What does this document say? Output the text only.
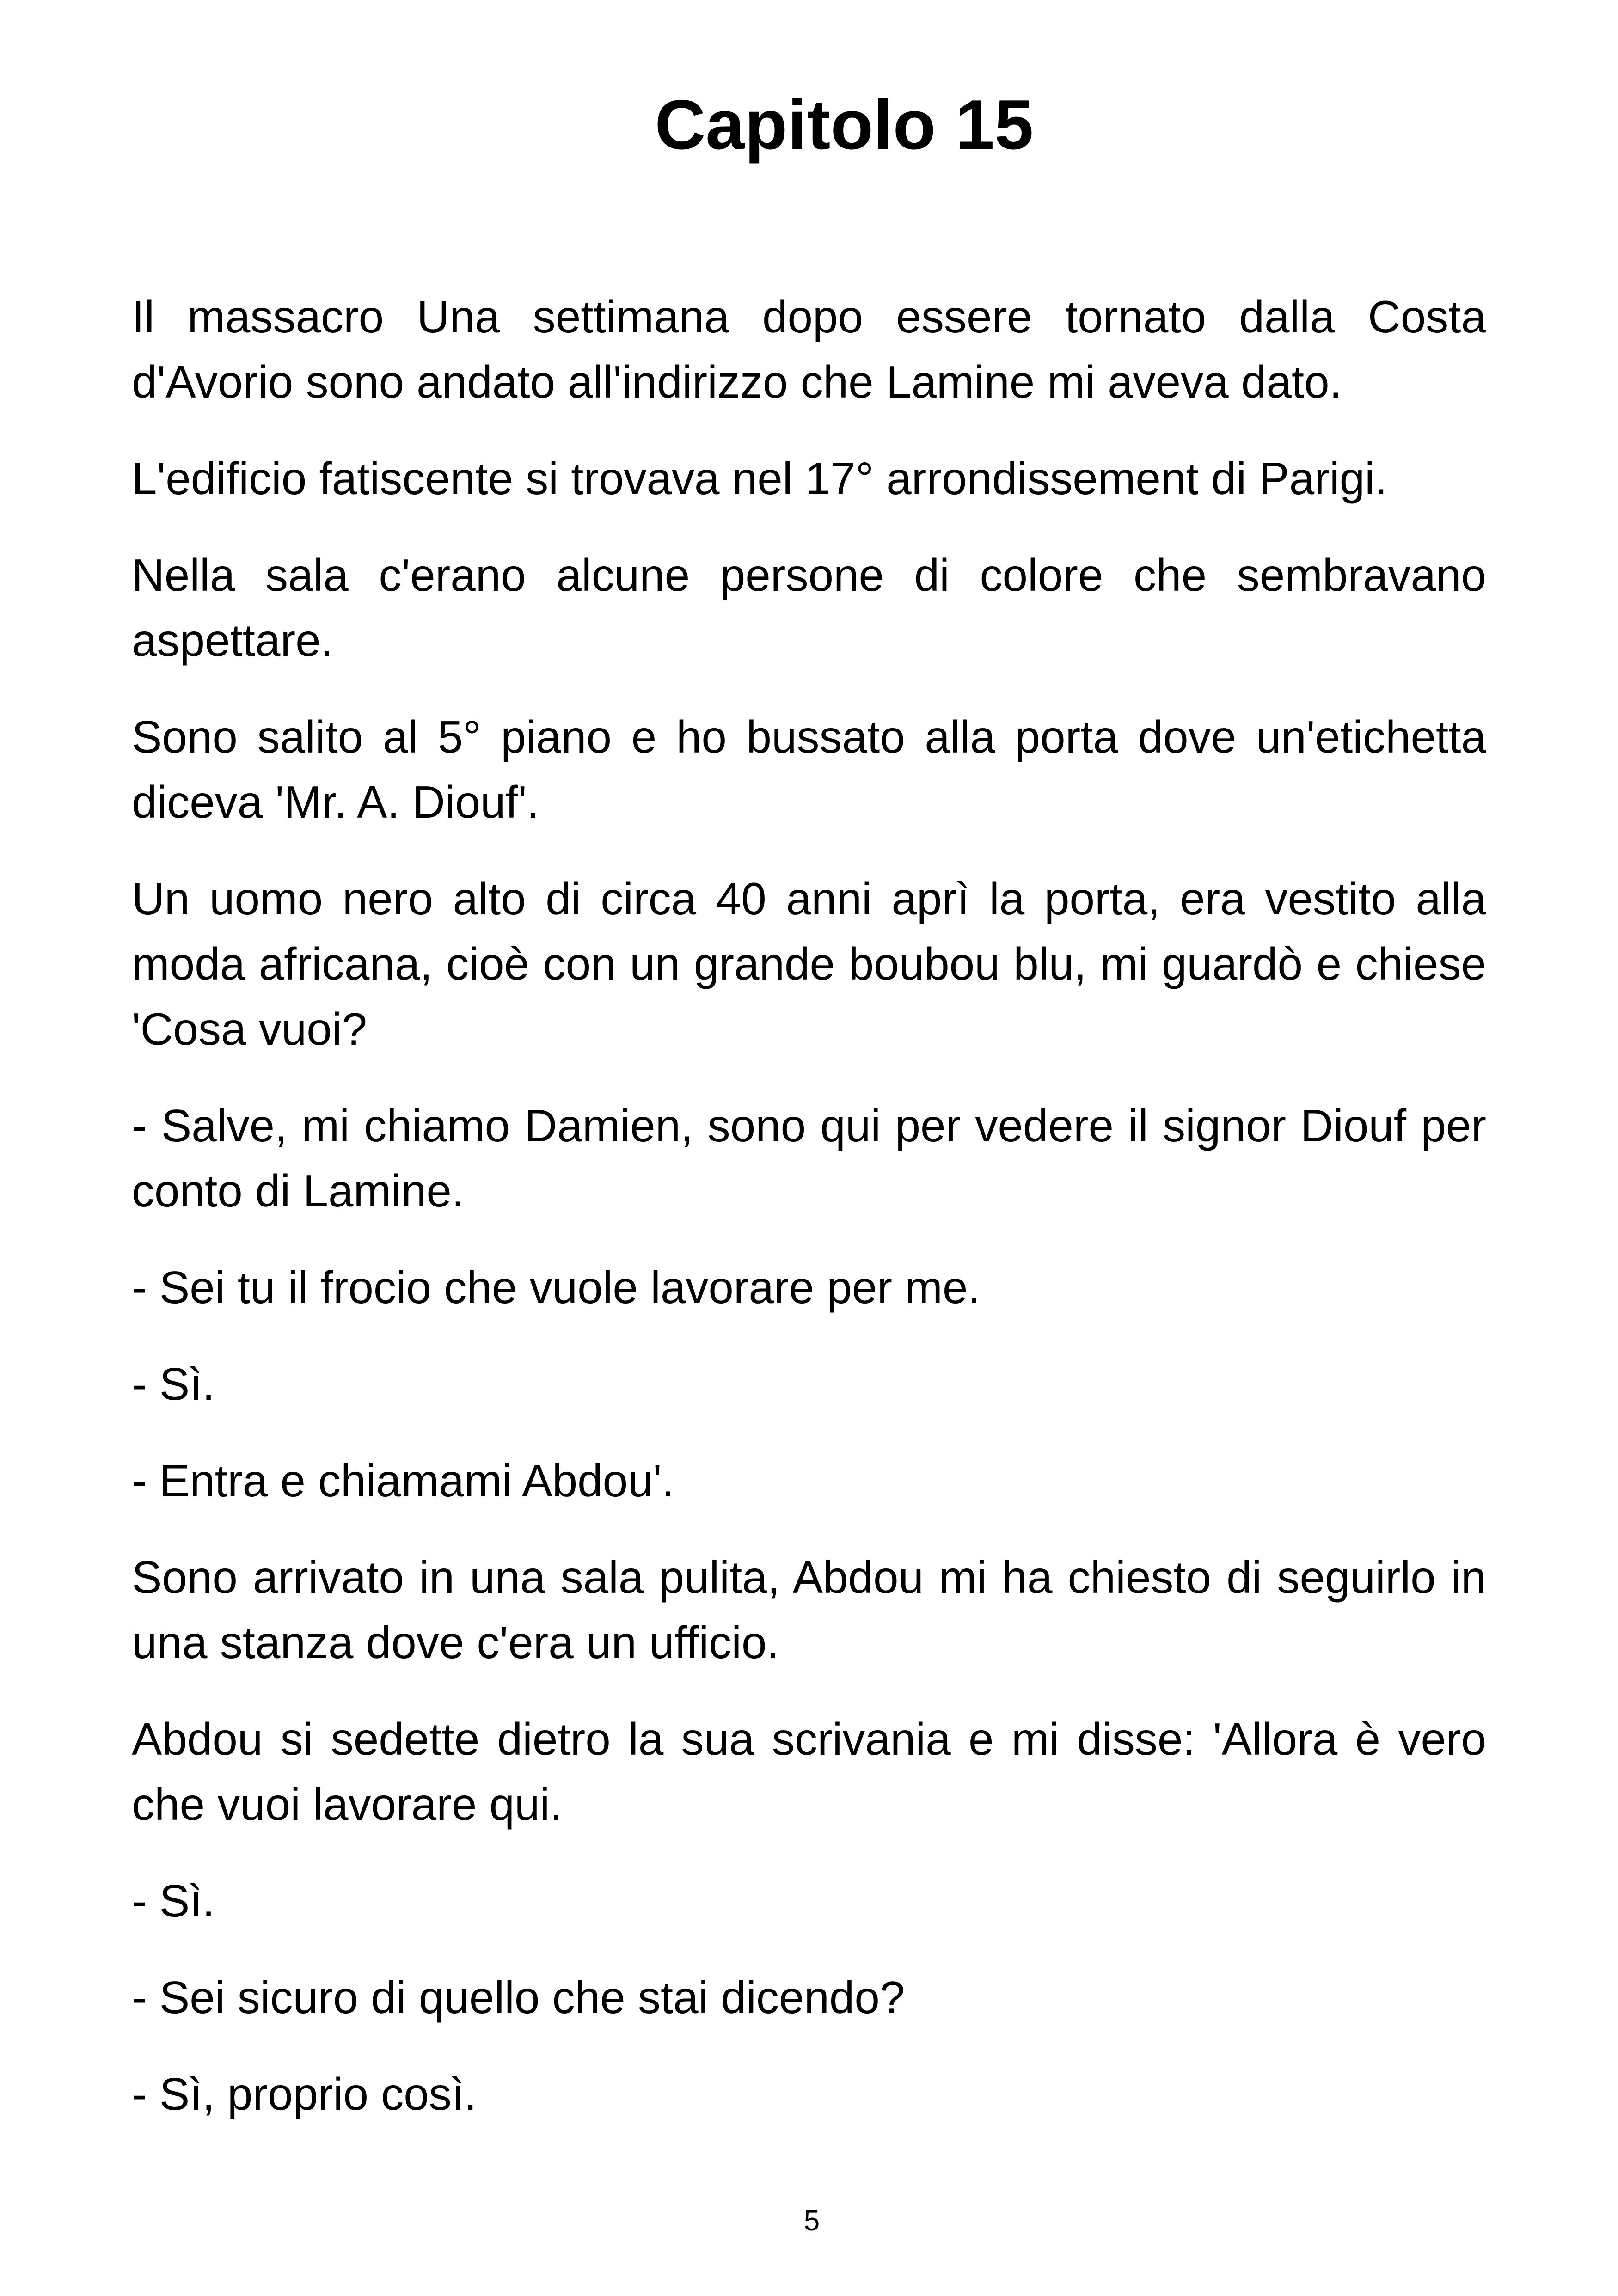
Capitolo 15

Il massacro Una settimana dopo essere tornato dalla Costa d'Avorio sono andato all'indirizzo che Lamine mi aveva dato.

L'edificio fatiscente si trovava nel 17° arrondissement di Parigi.

Nella sala c'erano alcune persone di colore che sembravano aspettare.

Sono salito al 5° piano e ho bussato alla porta dove un'etichetta diceva 'Mr. A. Diouf'.

Un uomo nero alto di circa 40 anni aprì la porta, era vestito alla moda africana, cioè con un grande boubou blu, mi guardò e chiese 'Cosa vuoi?

- Salve, mi chiamo Damien, sono qui per vedere il signor Diouf per conto di Lamine.

- Sei tu il frocio che vuole lavorare per me.

- Sì.

- Entra e chiamami Abdou'.

Sono arrivato in una sala pulita, Abdou mi ha chiesto di seguirlo in una stanza dove c'era un ufficio.

Abdou si sedette dietro la sua scrivania e mi disse: 'Allora è vero che vuoi lavorare qui.

- Sì.

- Sei sicuro di quello che stai dicendo?

- Sì, proprio così.

5
